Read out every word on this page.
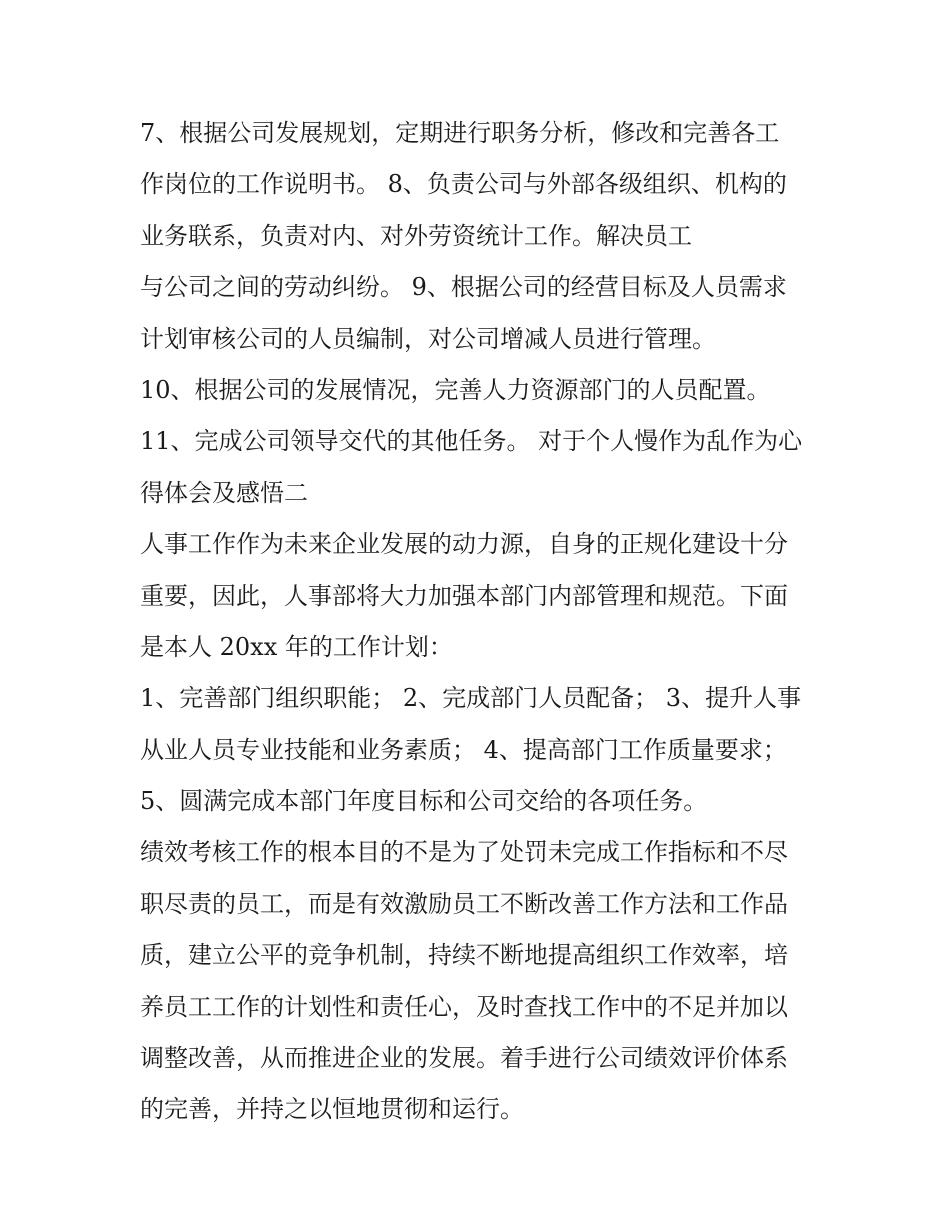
7、根据公司发展规划，定期进行职务分析，修改和完善各工
作岗位的工作说明书。 8、负责公司与外部各级组织、机构的
业务联系，负责对内、对外劳资统计工作。解决员工
与公司之间的劳动纠纷。 9、根据公司的经营目标及人员需求
计划审核公司的人员编制，对公司增减人员进行管理。
10、根据公司的发展情况，完善人力资源部门的人员配置。
11、完成公司领导交代的其他任务。 对于个人慢作为乱作为心
得体会及感悟二
人事工作作为未来企业发展的动力源，自身的正规化建设十分
重要，因此，人事部将大力加强本部门内部管理和规范。下面
是本人 20xx 年的工作计划：
1、完善部门组织职能； 2、完成部门人员配备； 3、提升人事
从业人员专业技能和业务素质； 4、提高部门工作质量要求；
5、圆满完成本部门年度目标和公司交给的各项任务。
绩效考核工作的根本目的不是为了处罚未完成工作指标和不尽
职尽责的员工，而是有效激励员工不断改善工作方法和工作品
质，建立公平的竞争机制，持续不断地提高组织工作效率，培
养员工工作的计划性和责任心，及时查找工作中的不足并加以
调整改善，从而推进企业的发展。着手进行公司绩效评价体系
的完善，并持之以恒地贯彻和运行。
